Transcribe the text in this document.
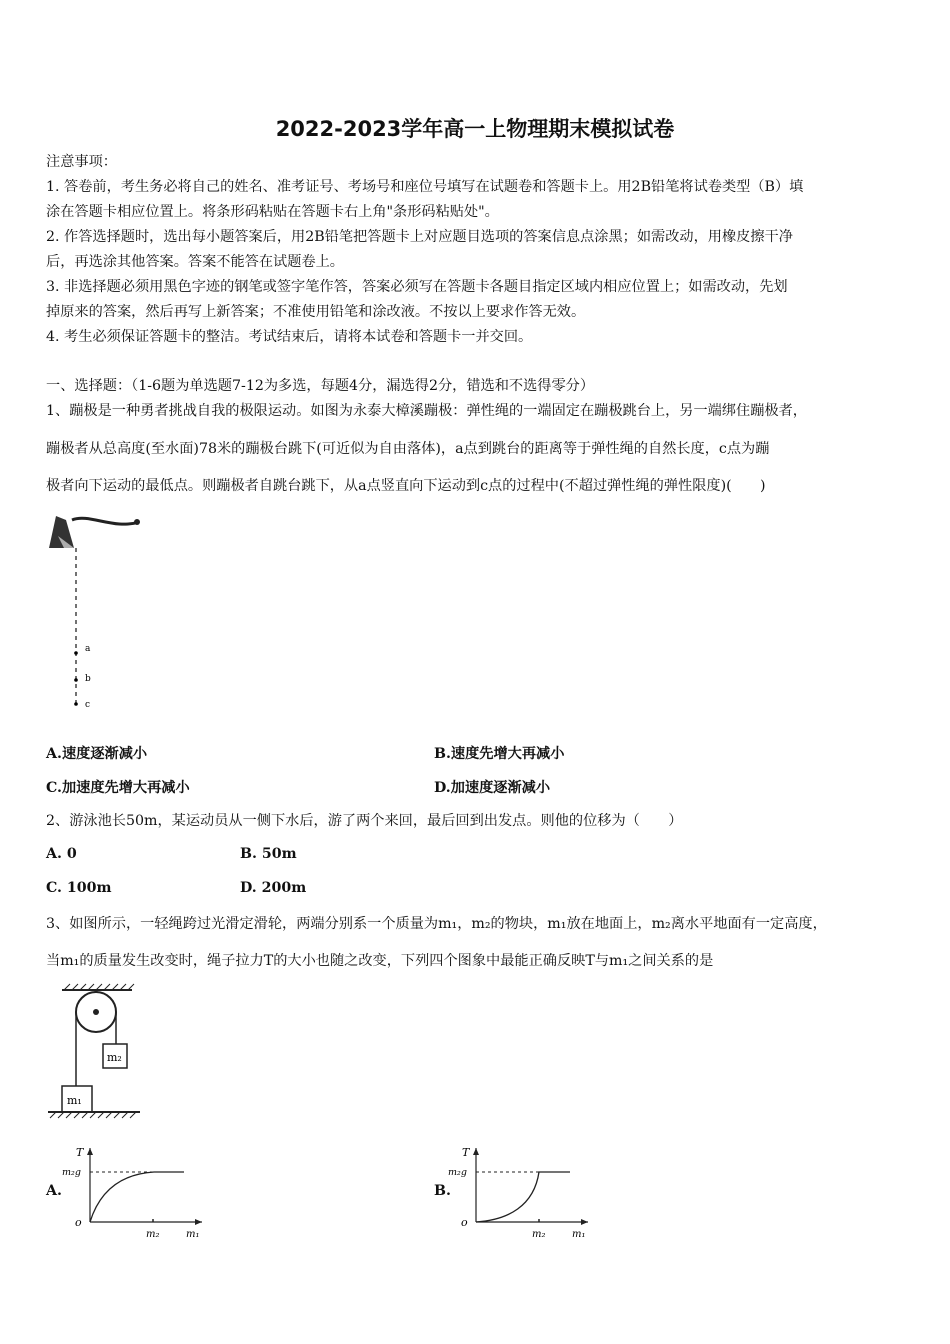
2022-2023学年高一上物理期末模拟试卷
注意事项：
1. 答卷前，考生务必将自己的姓名、准考证号、考场号和座位号填写在试题卷和答题卡上。用2B铅笔将试卷类型（B）填
涂在答题卡相应位置上。将条形码粘贴在答题卡右上角"条形码粘贴处"。
2. 作答选择题时，选出每小题答案后，用2B铅笔把答题卡上对应题目选项的答案信息点涂黑；如需改动，用橡皮擦干净
后，再选涂其他答案。答案不能答在试题卷上。
3. 非选择题必须用黑色字迹的钢笔或签字笔作答，答案必须写在答题卡各题目指定区域内相应位置上；如需改动，先划
掉原来的答案，然后再写上新答案；不准使用铅笔和涂改液。不按以上要求作答无效。
4. 考生必须保证答题卡的整洁。考试结束后，请将本试卷和答题卡一并交回。
一、选择题：（1-6题为单选题7-12为多选，每题4分，漏选得2分，错选和不选得零分）
1、蹦极是一种勇者挑战自我的极限运动。如图为永泰大樟溪蹦极：弹性绳的一端固定在蹦极跳台上，另一端绑住蹦极者，
蹦极者从总高度(至水面)78米的蹦极台跳下(可近似为自由落体)，a点到跳台的距离等于弹性绳的自然长度，c点为蹦
极者向下运动的最低点。则蹦极者自跳台跳下，从a点竖直向下运动到c点的过程中(不超过弹性绳的弹性限度)(　　)
a
b
c
A.速度逐渐减小	B.速度先增大再减小
C.加速度先增大再减小	D.加速度逐渐减小
2、游泳池长50m，某运动员从一侧下水后，游了两个来回，最后回到出发点。则他的位移为（　　）
A. 0	B. 50m
C. 100m	D. 200m
3、如图所示，一轻绳跨过光滑定滑轮，两端分别系一个质量为m₁，m₂的物块，m₁放在地面上，m₂离水平地面有一定高度，
当m₁的质量发生改变时，绳子拉力T的大小也随之改变，下列四个图象中最能正确反映T与m₁之间关系的是
m₂
m₁
A.
T
m₂g
o
m₂	m₁
B.
T
m₂g
o
m₂	m₁
